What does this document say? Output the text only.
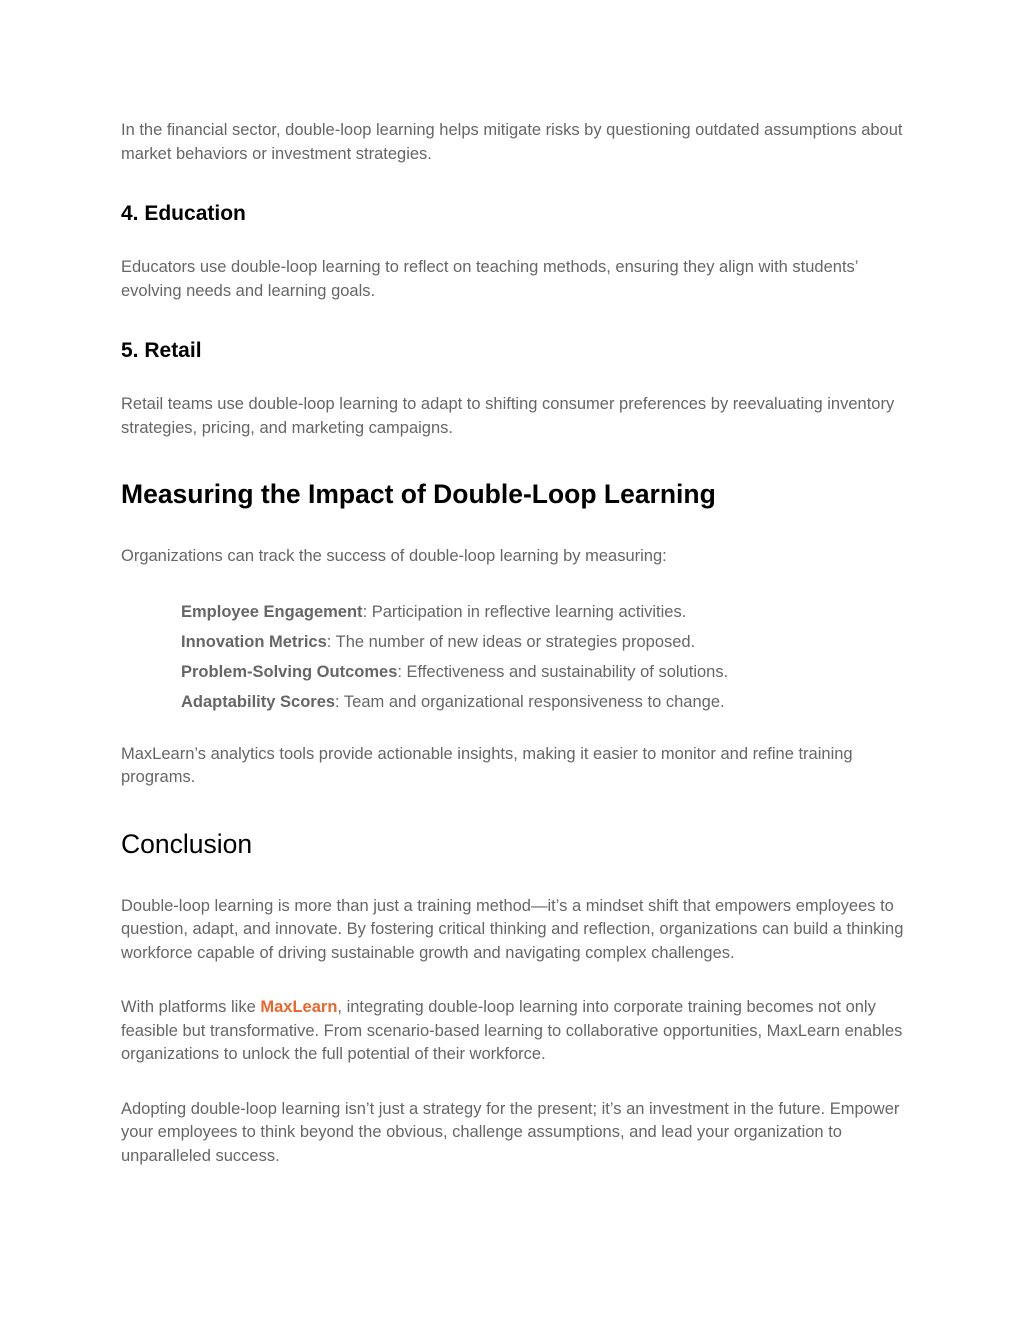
In the financial sector, double-loop learning helps mitigate risks by questioning outdated assumptions about market behaviors or investment strategies.

4. Education

Educators use double-loop learning to reflect on teaching methods, ensuring they align with students’ evolving needs and learning goals.

5. Retail

Retail teams use double-loop learning to adapt to shifting consumer preferences by reevaluating inventory strategies, pricing, and marketing campaigns.

Measuring the Impact of Double-Loop Learning

Organizations can track the success of double-loop learning by measuring:

Employee Engagement: Participation in reflective learning activities.
Innovation Metrics: The number of new ideas or strategies proposed.
Problem-Solving Outcomes: Effectiveness and sustainability of solutions.
Adaptability Scores: Team and organizational responsiveness to change.

MaxLearn’s analytics tools provide actionable insights, making it easier to monitor and refine training programs.

Conclusion

Double-loop learning is more than just a training method—it’s a mindset shift that empowers employees to question, adapt, and innovate. By fostering critical thinking and reflection, organizations can build a thinking workforce capable of driving sustainable growth and navigating complex challenges.

With platforms like MaxLearn, integrating double-loop learning into corporate training becomes not only feasible but transformative. From scenario-based learning to collaborative opportunities, MaxLearn enables organizations to unlock the full potential of their workforce.

Adopting double-loop learning isn’t just a strategy for the present; it’s an investment in the future. Empower your employees to think beyond the obvious, challenge assumptions, and lead your organization to unparalleled success.
